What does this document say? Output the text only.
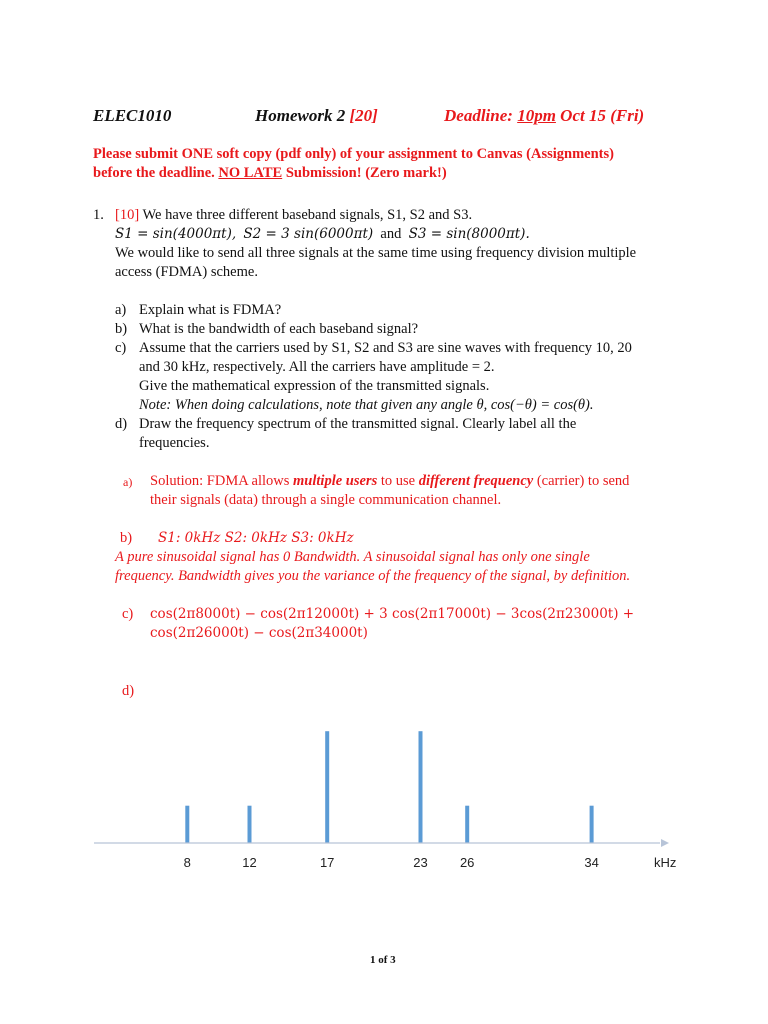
ELEC1010	Homework 2 [20]	Deadline: 10pm Oct 15 (Fri)
Please submit ONE soft copy (pdf only) of your assignment to Canvas (Assignments)
before the deadline. NO LATE Submission! (Zero mark!)
1. [10] We have three different baseband signals, S1, S2 and S3.
S1 = sin(4000πt), S2 = 3 sin(6000πt) and S3 = sin(8000πt).
We would like to send all three signals at the same time using frequency division multiple
access (FDMA) scheme.
a) Explain what is FDMA?
b) What is the bandwidth of each baseband signal?
c) Assume that the carriers used by S1, S2 and S3 are sine waves with frequency 10, 20
and 30 kHz, respectively. All the carriers have amplitude = 2.
Give the mathematical expression of the transmitted signals.
Note: When doing calculations, note that given any angle θ, cos(−θ) = cos(θ).
d) Draw the frequency spectrum of the transmitted signal. Clearly label all the
frequencies.
a) Solution: FDMA allows multiple users to use different frequency (carrier) to send
their signals (data) through a single communication channel.
b) S1: 0kHz S2: 0kHz S3: 0kHz
A pure sinusoidal signal has 0 Bandwidth. A sinusoidal signal has only one single
frequency. Bandwidth gives you the variance of the frequency of the signal, by definition.
c) cos(2π8000t) − cos(2π12000t) + 3 cos(2π17000t) − 3cos(2π23000t) +
cos(2π26000t) − cos(2π34000t)
d)
8	12	17	23 26	34	kHz
1 of 3
